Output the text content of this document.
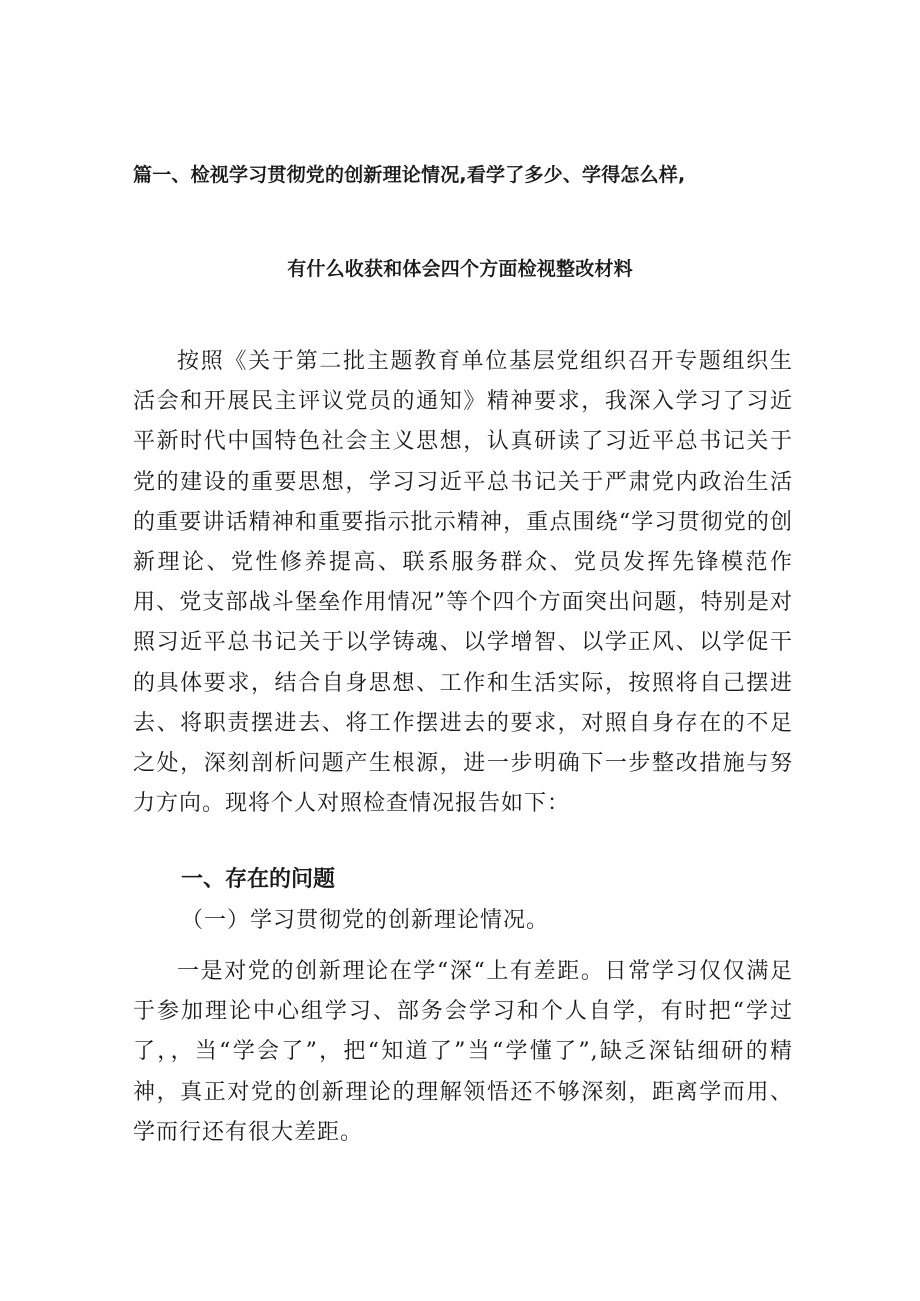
篇一、检视学习贯彻党的创新理论情况,看学了多少、学得怎么样,
有什么收获和体会四个方面检视整改材料

按照《关于第二批主题教育单位基层党组织召开专题组织生活会和开展民主评议党员的通知》精神要求，我深入学习了习近平新时代中国特色社会主义思想，认真研读了习近平总书记关于党的建设的重要思想，学习习近平总书记关于严肃党内政治生活的重要讲话精神和重要指示批示精神，重点围绕“学习贯彻党的创新理论、党性修养提高、联系服务群众、党员发挥先锋模范作用、党支部战斗堡垒作用情况”等个四个方面突出问题，特别是对照习近平总书记关于以学铸魂、以学增智、以学正风、以学促干的具体要求，结合自身思想、工作和生活实际，按照将自己摆进去、将职责摆进去、将工作摆进去的要求，对照自身存在的不足之处，深刻剖析问题产生根源，进一步明确下一步整改措施与努力方向。现将个人对照检查情况报告如下：

一、存在的问题
（一）学习贯彻党的创新理论情况。

一是对党的创新理论在学“深“上有差距。日常学习仅仅满足于参加理论中心组学习、部务会学习和个人自学，有时把“学过了，，当“学会了”，把“知道了”当“学懂了”,缺乏深钻细研的精神，真正对党的创新理论的理解领悟还不够深刻，距离学而用、学而行还有很大差距。
